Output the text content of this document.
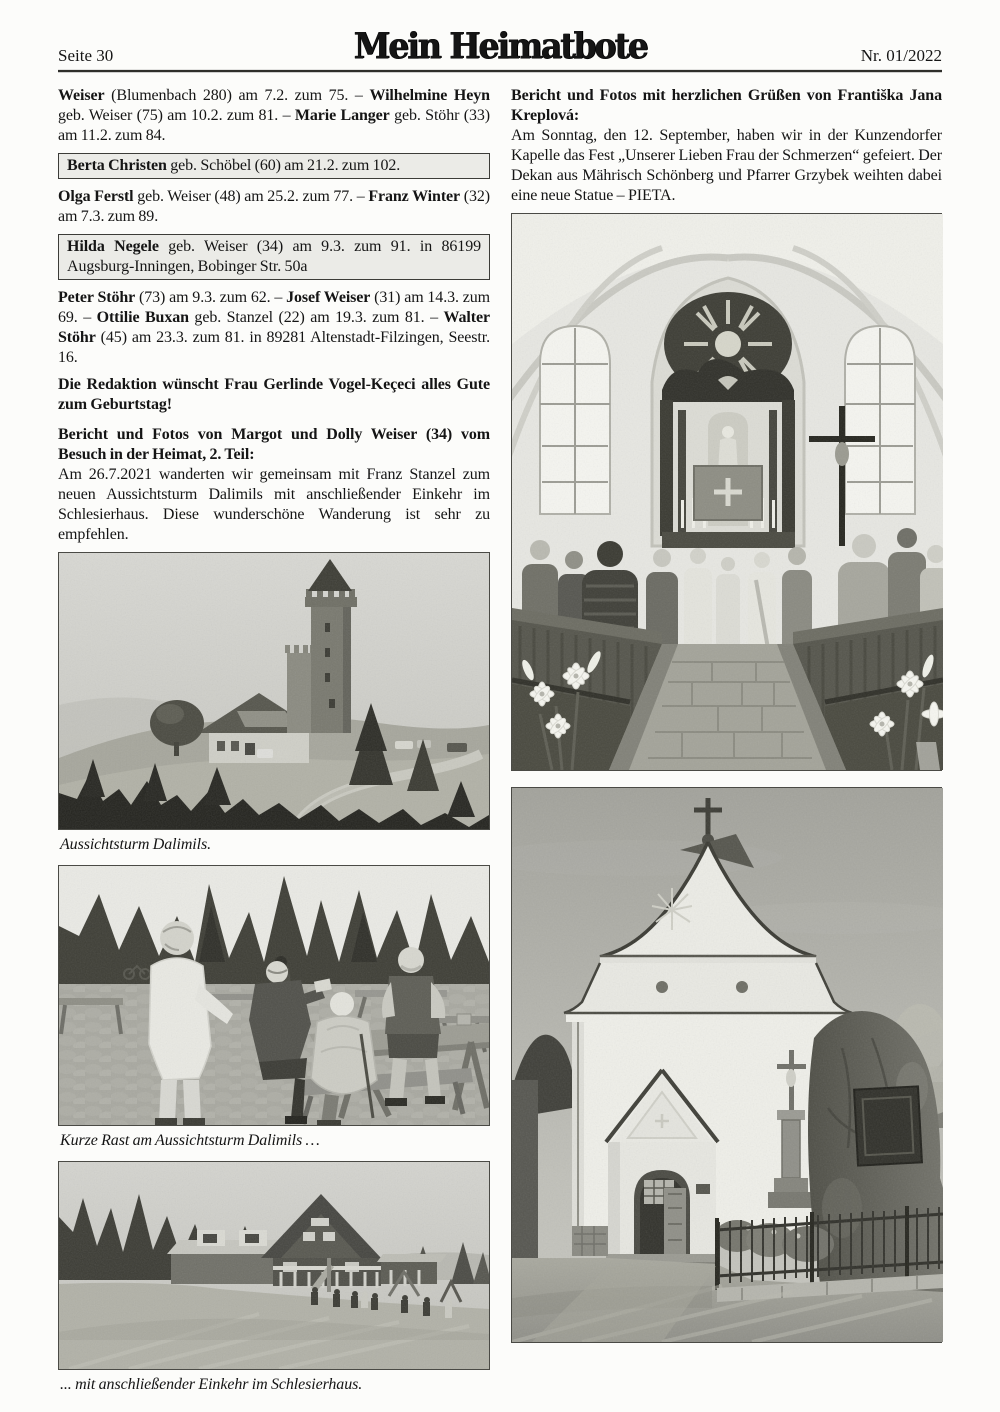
Seite 30	Mein Heimatbote	Nr. 01/2022

Weiser (Blumenbach 280) am 7.2. zum 75. – Wilhelmine Heyn geb. Weiser (75) am 10.2. zum 81. – Marie Langer geb. Stöhr (33) am 11.2. zum 84.

Berta Christen geb. Schöbel (60) am 21.2. zum 102.

Olga Ferstl geb. Weiser (48) am 25.2. zum 77. – Franz Winter (32) am 7.3. zum 89.

Hilda Negele geb. Weiser (34) am 9.3. zum 91. in 86199 Augsburg-Inningen, Bobinger Str. 50a

Peter Stöhr (73) am 9.3. zum 62. – Josef Weiser (31) am 14.3. zum 69. – Ottilie Buxan geb. Stanzel (22) am 19.3. zum 81. – Walter Stöhr (45) am 23.3. zum 81. in 89281 Altenstadt-Filzingen, Seestr. 16.

Die Redaktion wünscht Frau Gerlinde Vogel-Keçeci alles Gute zum Geburtstag!

Bericht und Fotos von Margot und Dolly Weiser (34) vom Besuch in der Heimat, 2. Teil:

Am 26.7.2021 wanderten wir gemeinsam mit Franz Stanzel zum neuen Aussichtsturm Dalimils mit anschließender Einkehr im Schlesierhaus. Diese wunderschöne Wanderung ist sehr zu empfehlen.

Aussichtsturm Dalimils.

Kurze Rast am Aussichtsturm Dalimils …

... mit anschließender Einkehr im Schlesierhaus.

Bericht und Fotos mit herzlichen Grüßen von Františka Jana Kreplová:

Am Sonntag, den 12. September, haben wir in der Kunzendorfer Kapelle das Fest „Unserer Lieben Frau der Schmerzen“ gefeiert. Der Dekan aus Mährisch Schönberg und Pfarrer Grzybek weihten dabei eine neue Statue – PIETA.
